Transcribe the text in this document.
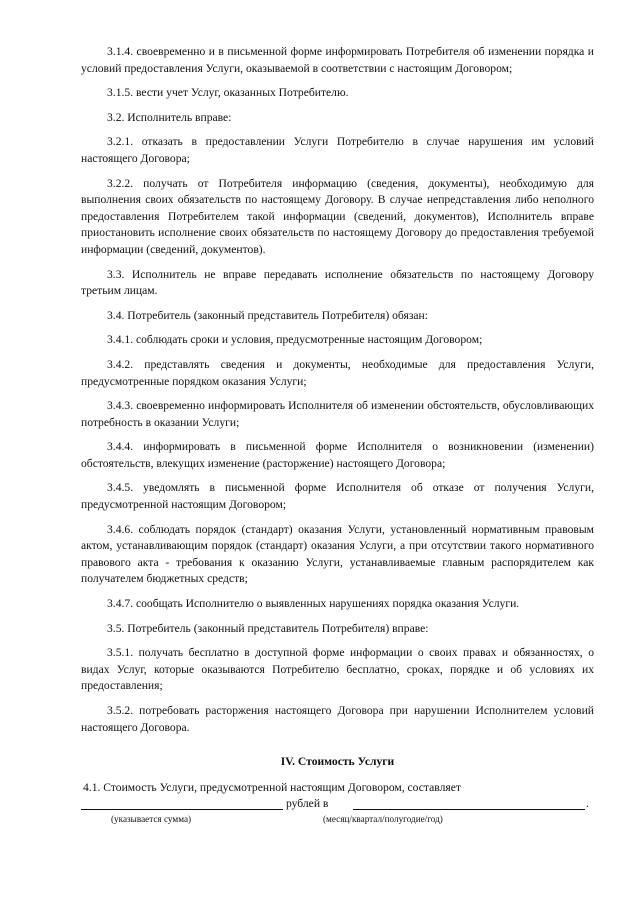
3.1.4. своевременно и в письменной форме информировать Потребителя об изменении порядка и условий предоставления Услуги, оказываемой в соответствии с настоящим Договором;

3.1.5. вести учет Услуг, оказанных Потребителю.

3.2. Исполнитель вправе:

3.2.1. отказать в предоставлении Услуги Потребителю в случае нарушения им условий настоящего Договора;

3.2.2. получать от Потребителя информацию (сведения, документы), необходимую для выполнения своих обязательств по настоящему Договору. В случае непредставления либо неполного предоставления Потребителем такой информации (сведений, документов), Исполнитель вправе приостановить исполнение своих обязательств по настоящему Договору до предоставления требуемой информации (сведений, документов).

3.3. Исполнитель не вправе передавать исполнение обязательств по настоящему Договору третьим лицам.

3.4. Потребитель (законный представитель Потребителя) обязан:

3.4.1. соблюдать сроки и условия, предусмотренные настоящим Договором;

3.4.2. представлять сведения и документы, необходимые для предоставления Услуги, предусмотренные порядком оказания Услуги;

3.4.3. своевременно информировать Исполнителя об изменении обстоятельств, обусловливающих потребность в оказании Услуги;

3.4.4. информировать в письменной форме Исполнителя о возникновении (изменении) обстоятельств, влекущих изменение (расторжение) настоящего Договора;

3.4.5. уведомлять в письменной форме Исполнителя об отказе от получения Услуги, предусмотренной настоящим Договором;

3.4.6. соблюдать порядок (стандарт) оказания Услуги, установленный нормативным правовым актом, устанавливающим порядок (стандарт) оказания Услуги, а при отсутствии такого нормативного правового акта - требования к оказанию Услуги, устанавливаемые главным распорядителем как получателем бюджетных средств;

3.4.7. сообщать Исполнителю о выявленных нарушениях порядка оказания Услуги.

3.5. Потребитель (законный представитель Потребителя) вправе:

3.5.1. получать бесплатно в доступной форме информации о своих правах и обязанностях, о видах Услуг, которые оказываются Потребителю бесплатно, сроках, порядке и об условиях их предоставления;

3.5.2. потребовать расторжения настоящего Договора при нарушении Исполнителем условий настоящего Договора.

IV. Стоимость Услуги

4.1. Стоимость Услуги, предусмотренной настоящим Договором, составляет

рублей в	.
(указывается сумма)	(месяц/квартал/полугодие/год)
